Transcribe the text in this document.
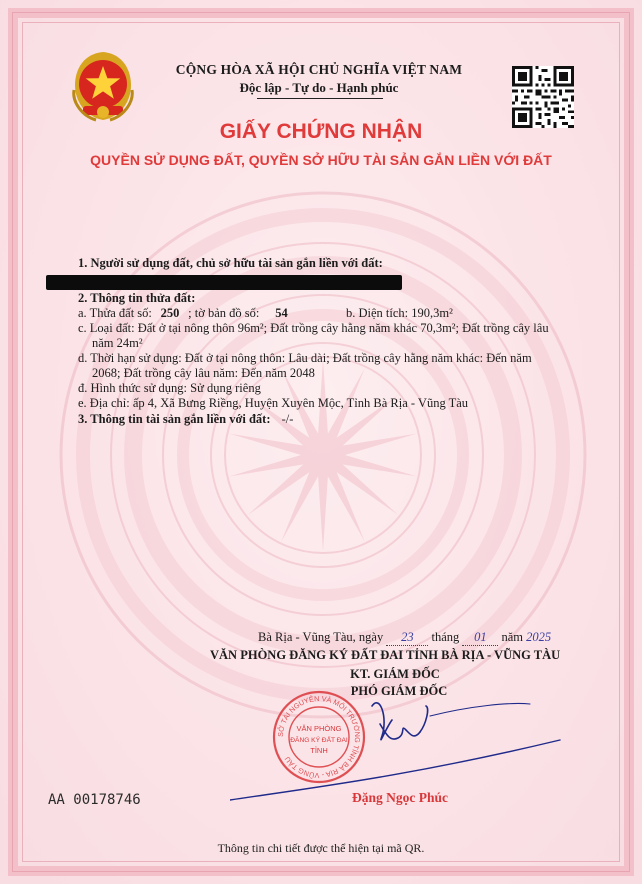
CỘNG HÒA XÃ HỘI CHỦ NGHĨA VIỆT NAM
Độc lập - Tự do - Hạnh phúc
GIẤY CHỨNG NHẬN
QUYỀN SỬ DỤNG ĐẤT, QUYỀN SỞ HỮU TÀI SẢN GẮN LIỀN VỚI ĐẤT
1. Người sử dụng đất, chủ sở hữu tài sản gắn liền với đất:
2. Thông tin thửa đất:
a. Thửa đất số: 250 ; tờ bản đồ số: 54	b. Diện tích: 190,3m²
c. Loại đất: Đất ở tại nông thôn 96m²; Đất trồng cây hằng năm khác 70,3m²; Đất trồng cây lâu
năm 24m²
d. Thời hạn sử dụng: Đất ở tại nông thôn: Lâu dài; Đất trồng cây hằng năm khác: Đến năm
2068; Đất trồng cây lâu năm: Đến năm 2048
đ. Hình thức sử dụng: Sử dụng riêng
e. Địa chỉ: ấp 4, Xã Bưng Riềng, Huyện Xuyên Mộc, Tỉnh Bà Rịa - Vũng Tàu
3. Thông tin tài sản gắn liền với đất: -/-
Bà Rịa - Vũng Tàu, ngày 23 tháng 01 năm 2025
VĂN PHÒNG ĐĂNG KÝ ĐẤT ĐAI TỈNH BÀ RỊA - VŨNG TÀU
KT. GIÁM ĐỐC
PHÓ GIÁM ĐỐC
SỞ TÀI NGUYÊN VÀ MÔI TRƯỜNG TỈNH BÀ RỊA - VŨNG TÀU
VĂN PHÒNG
ĐĂNG KÝ ĐẤT ĐAI
TỈNH
AA 00178746	Đặng Ngọc Phúc
Thông tin chi tiết được thể hiện tại mã QR.
